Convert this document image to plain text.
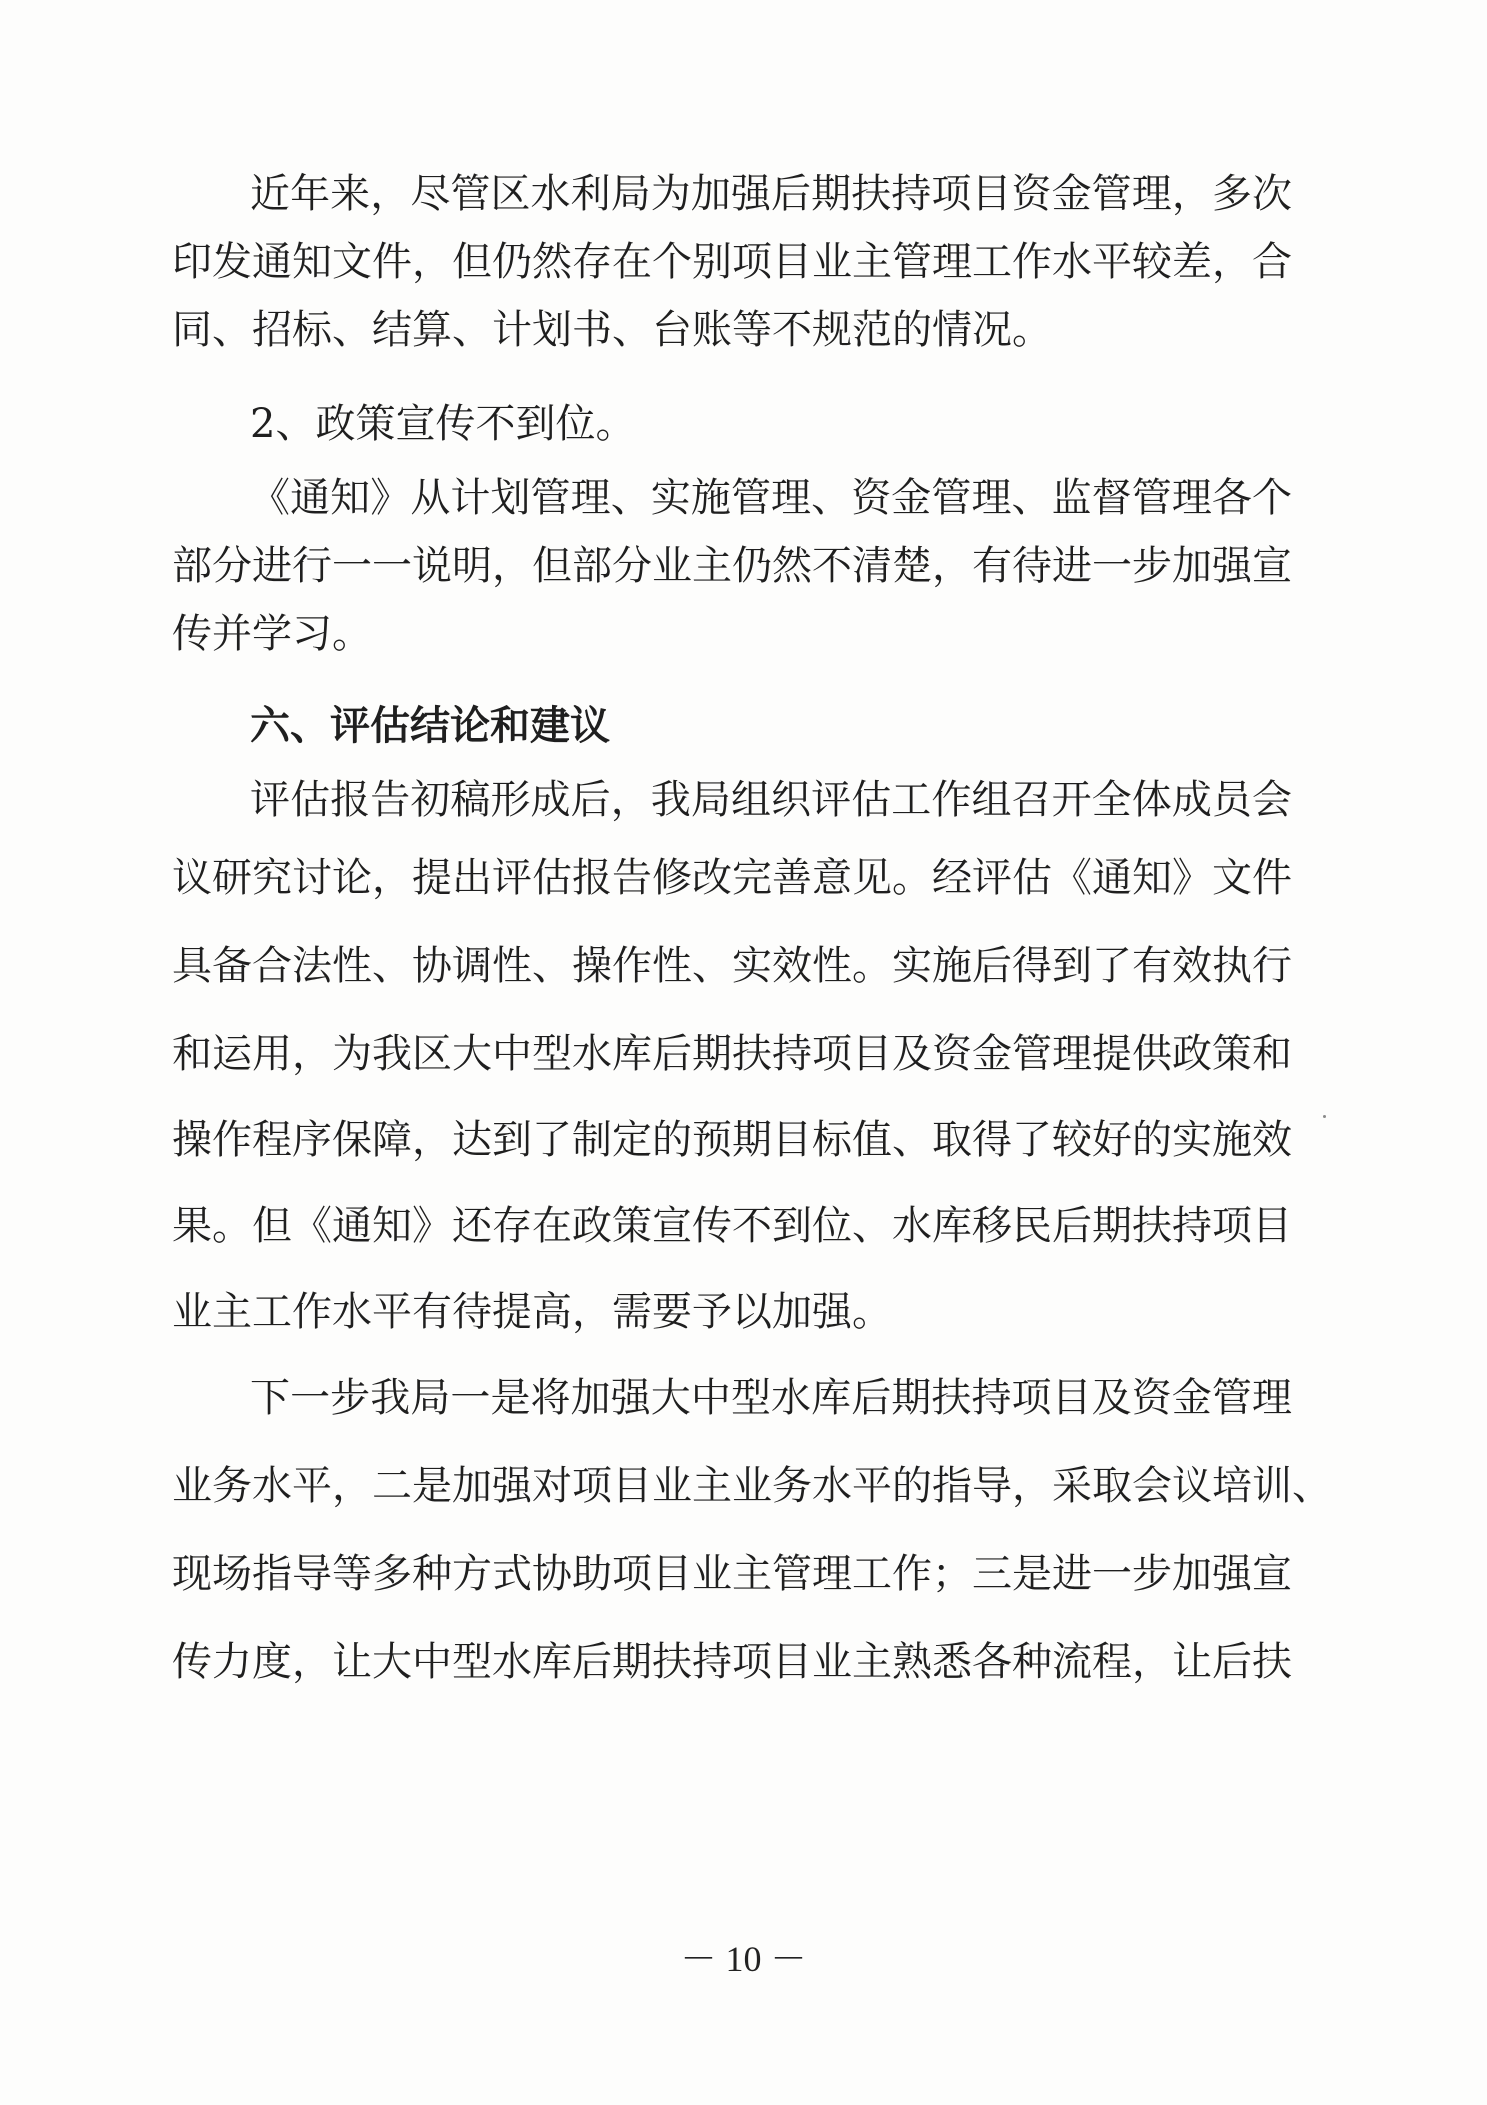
近年来，尽管区水利局为加强后期扶持项目资金管理，多次
印发通知文件，但仍然存在个别项目业主管理工作水平较差，合
同、招标、结算、计划书、台账等不规范的情况。
2、政策宣传不到位。
《通知》从计划管理、实施管理、资金管理、监督管理各个
部分进行一一说明，但部分业主仍然不清楚，有待进一步加强宣
传并学习。
六、评估结论和建议
评估报告初稿形成后，我局组织评估工作组召开全体成员会
议研究讨论，提出评估报告修改完善意见。经评估《通知》文件
具备合法性、协调性、操作性、实效性。实施后得到了有效执行
和运用，为我区大中型水库后期扶持项目及资金管理提供政策和
操作程序保障，达到了制定的预期目标值、取得了较好的实施效
果。但《通知》还存在政策宣传不到位、水库移民后期扶持项目
业主工作水平有待提高，需要予以加强。
下一步我局一是将加强大中型水库后期扶持项目及资金管理
业务水平，二是加强对项目业主业务水平的指导，采取会议培训、
现场指导等多种方式协助项目业主管理工作；三是进一步加强宣
传力度，让大中型水库后期扶持项目业主熟悉各种流程，让后扶
－ 10 －
